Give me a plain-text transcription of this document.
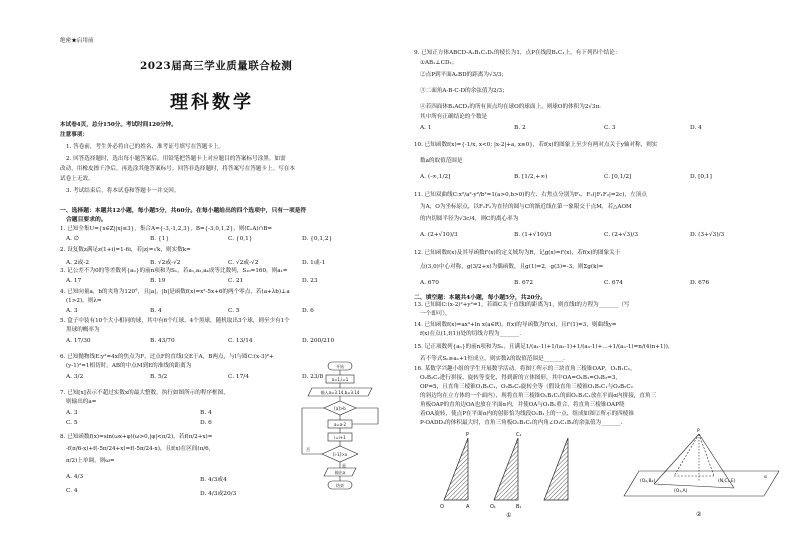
绝密★启用前
2023届高三学业质量联合检测
理科数学
本试卷4页，总分150分。考试时间120分钟。
注意事项：
1. 答卷前，考生务必将自己的姓名、准考证号填写在答题卡上。
2. 回答选择题时，选出每小题答案后，用铅笔把答题卡上对应题目的答案标号涂黑。如需
改动，用橡皮擦干净后，再选涂其他答案标号。回答非选择题时，将答案写在答题卡上。写在本
试卷上无效。
3. 考试结束后，将本试卷和答题卡一并交回。
一、选择题：本题共12小题，每小题5分，共60分。在每小题给出的四个选项中，只有一项是符
合题目要求的。
1. 已知全集U={x∈Z||x|≤3}，集合A={-3,-1,2,3}，B={-3,0,1,2}，则(∁ᵤA)∩B=
A. ∅	B. {1}	C. {0,1}	D. {0,1,2}
2. 设复数z满足z(1+i)=1-6i，若|z|=√k，则实数k=
A. 2或-2	B. √2或-√2	C. √2或-√2	D. 1或-1
3. 记公差不为0的等差数列{aₙ}的前n项和为Sₙ，若a₁,a₃,a₄成等比数列，S₁₀=160，则a₁=
A. 17	B. 19	C. 21	D. 23
4. 已知向量a，b的夹角为120°，且|a|，|b|是函数f(x)=x²-5x+6的两个零点，若(a+λb)⊥a
(1>2)，则λ=
A. 3	B. 4	C. 5	D. 6
5. 盒子中装有10个大小相同的球，其中有6个红球，4个黑球，随机取出3个球，则至少有1个
黑球的概率为
A. 17/30	B. 43/70	C. 13/14	D. 200/210
6. 已知抛物线E:y²=4x的焦点为F，过点F的直线l交E于A，B两点，与l与圆C:(x-3)²+
(y-1)²=1相切时，AB的中点M到E的准线的距离为
A. 3/2	B. 5/2	C. 17/4	D. 23/8
7. 已知[x]表示不超过实数x的最大整数，执行如图所示的程序框图，
则输出的a=
A. 3	B. 4
C. 5	D. 6
8. 已知函数f(x)=sin(ωx+φ)(ω>0,|φ|<π/2)，若f(π/2+x)=
-f(π/6-x)+f(-5π/24+x)=f(-5π/24-x)，且f(x)在区间(π/6,
π/2)上单调，则ω=
A. 4/3	B. 4/3或4
C. 4	D. 4/3或20/3
开始
a=1,i=1
输入a=3.14,b=3.14
[a]>b
a=a·2
i=i+1
[i-1]>a
输出a
结束
是
否
9. 已知正方体ABCD-A₁B₁C₁D₁的棱长为1，点P在线段B₁C₁上，有下列四个结论：
①AB₁⊥CD₁；
②点P到平面A₁BD的距离为√3/3；
③二面角A-B-C-D的余弦值为2/3；
④若四面体B₁ACD₁的所有顶点均在球O的球面上，则球O的体积为2√3π.
其中所有正确结论的个数是
A. 1	B. 2	C. 3	D. 4
10. 已知函数f(x)={-1/x, x<0; |x-2|+a, x≥0}，若f(x)的图象上至少有两对点关于y轴对称，则实
数a的取值范围是
A. (-∞,1/2]	B. [1/2,+∞)	C. [0,1/2]	D. [0,1]
11. 已知双曲线C:x²/a²-y²/b²=1(a>0,b>0)的左、右焦点分别为F₁，F₂(|F₁F₂|=2c)，左顶点
为A，O为坐标原点，以F₁F₂为直径的圆与C的渐近线在第一象限交于点M，若△AOM
的内切圆半径为√3c/4，则C的离心率为
A. (2+√10)/3	B. (1+√10)/3	C. (2+√3)/3	D. (3+√3)/3
12. 已知函数f(x)及其导函数f'(x)的定义域均为R，记g(x)=f'(x)，若f(x)的图象关于
点(3,0)中心对称，g(3/2+x)为偶函数，且g(1)=2，g(3)=-3，则Σg(k)=
A. 670	B. 672	C. 674	D. 676
二、填空题：本题共4小题，每小题5分，共20分。
13. 已知圆C:(x-2)²+y²=1，若圆C关于直线l的距离为1，则直线l的方程为_______（写
一个即可）。
14. 已知函数f(x)=ax²+ln x(a∈R)，f(x)的导函数为f'(x)，且f'(1)=3，则曲线y=
f(x)在点(1,f(1))处的切线方程为_______.
15. 记正项数列{aₙ}的前n项和为Sₙ，且满足1/(a₁-1)+1/(a₂-1)+1/(a₃-1)+…+1/(aₙ-1)=n/(4(n+1))，
若不等式Sₙ≥aₙ+1恒成立，则实数λ的取值范围是_______.
16. 某数学兴趣小组的学生开展数学活动，将图①所示的三块直角三棱锥OAP，O₁B₁C₁，
O₂B₂C₂进行拼接、旋转等变化，得到新的立体图形，其中OA=O₁B₁=O₂B₂=3，
OP=5，且直角三棱锥O₁B₁C₁，O₂B₂C₂旋转全等（假设直角三棱锥O₁B₁C₁与O₂B₂C₂
的斜边均在立方体的一个面内），现将直角三棱锥O₁B₁C₁的面O₁B₁C₁放在平面α内拼接，直角三
角板OAP的直角边OA也放在平面α内，并使OA与O₁B₁重合，将直角三棱锥OAP绕
着OA旋转，使点P在平面α内的射影恰为线段O₁B₁上的一点，组成如图②所示的四棱锥
P-OADD₁的体积最大时，直角三角板O₁B₁C₁的内角∠O₁C₁B₁的余弦值为_______.
P
O	A	O₁	B₁
C₁
①
P
(O₂,B₂)	(N,C₁,E)
(O₁,A)
α
②
